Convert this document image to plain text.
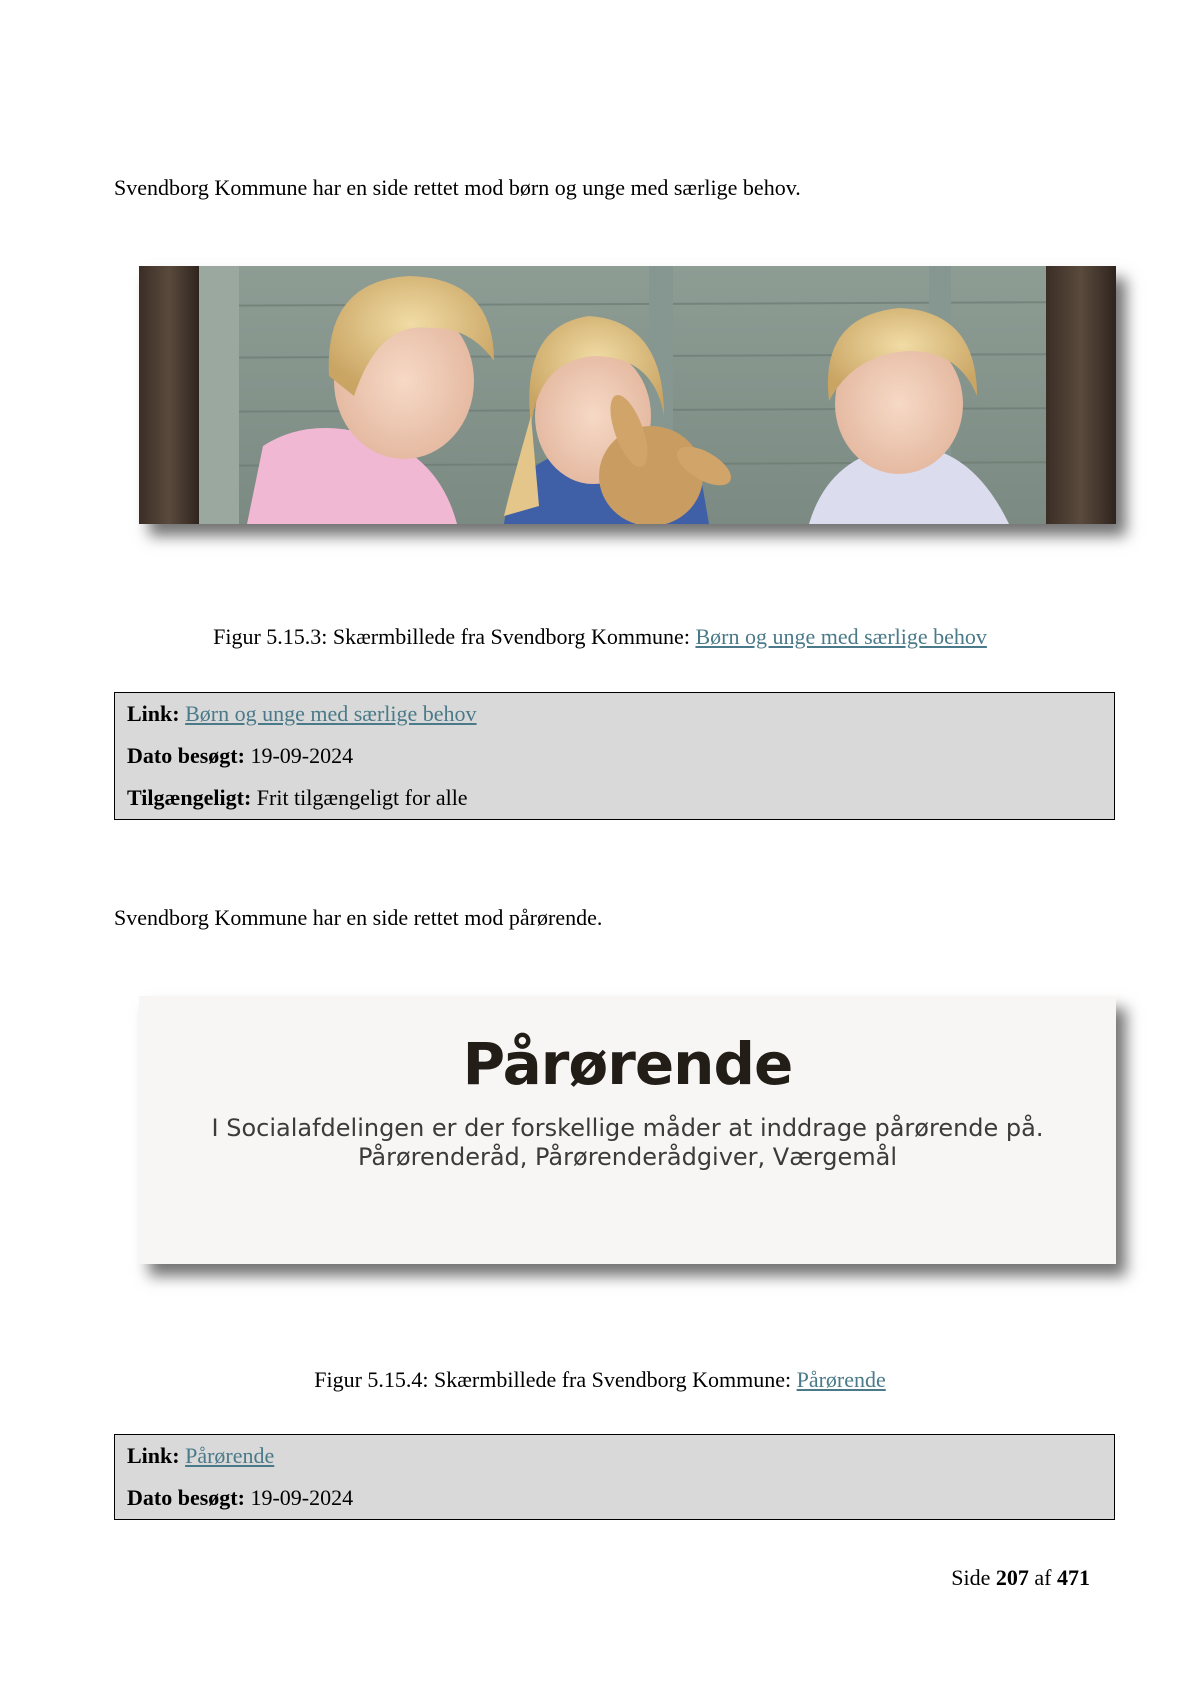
Svendborg Kommune har en side rettet mod børn og unge med særlige behov.

Figur 5.15.3: Skærmbillede fra Svendborg Kommune: Børn og unge med særlige behov

Link: Børn og unge med særlige behov
Dato besøgt: 19-09-2024
Tilgængeligt: Frit tilgængeligt for alle

Svendborg Kommune har en side rettet mod pårørende.

Pårørende
I Socialafdelingen er der forskellige måder at inddrage pårørende på.
Pårørenderåd, Pårørenderådgiver, Værgemål

Figur 5.15.4: Skærmbillede fra Svendborg Kommune: Pårørende

Link: Pårørende
Dato besøgt: 19-09-2024
Side 207 af 471
